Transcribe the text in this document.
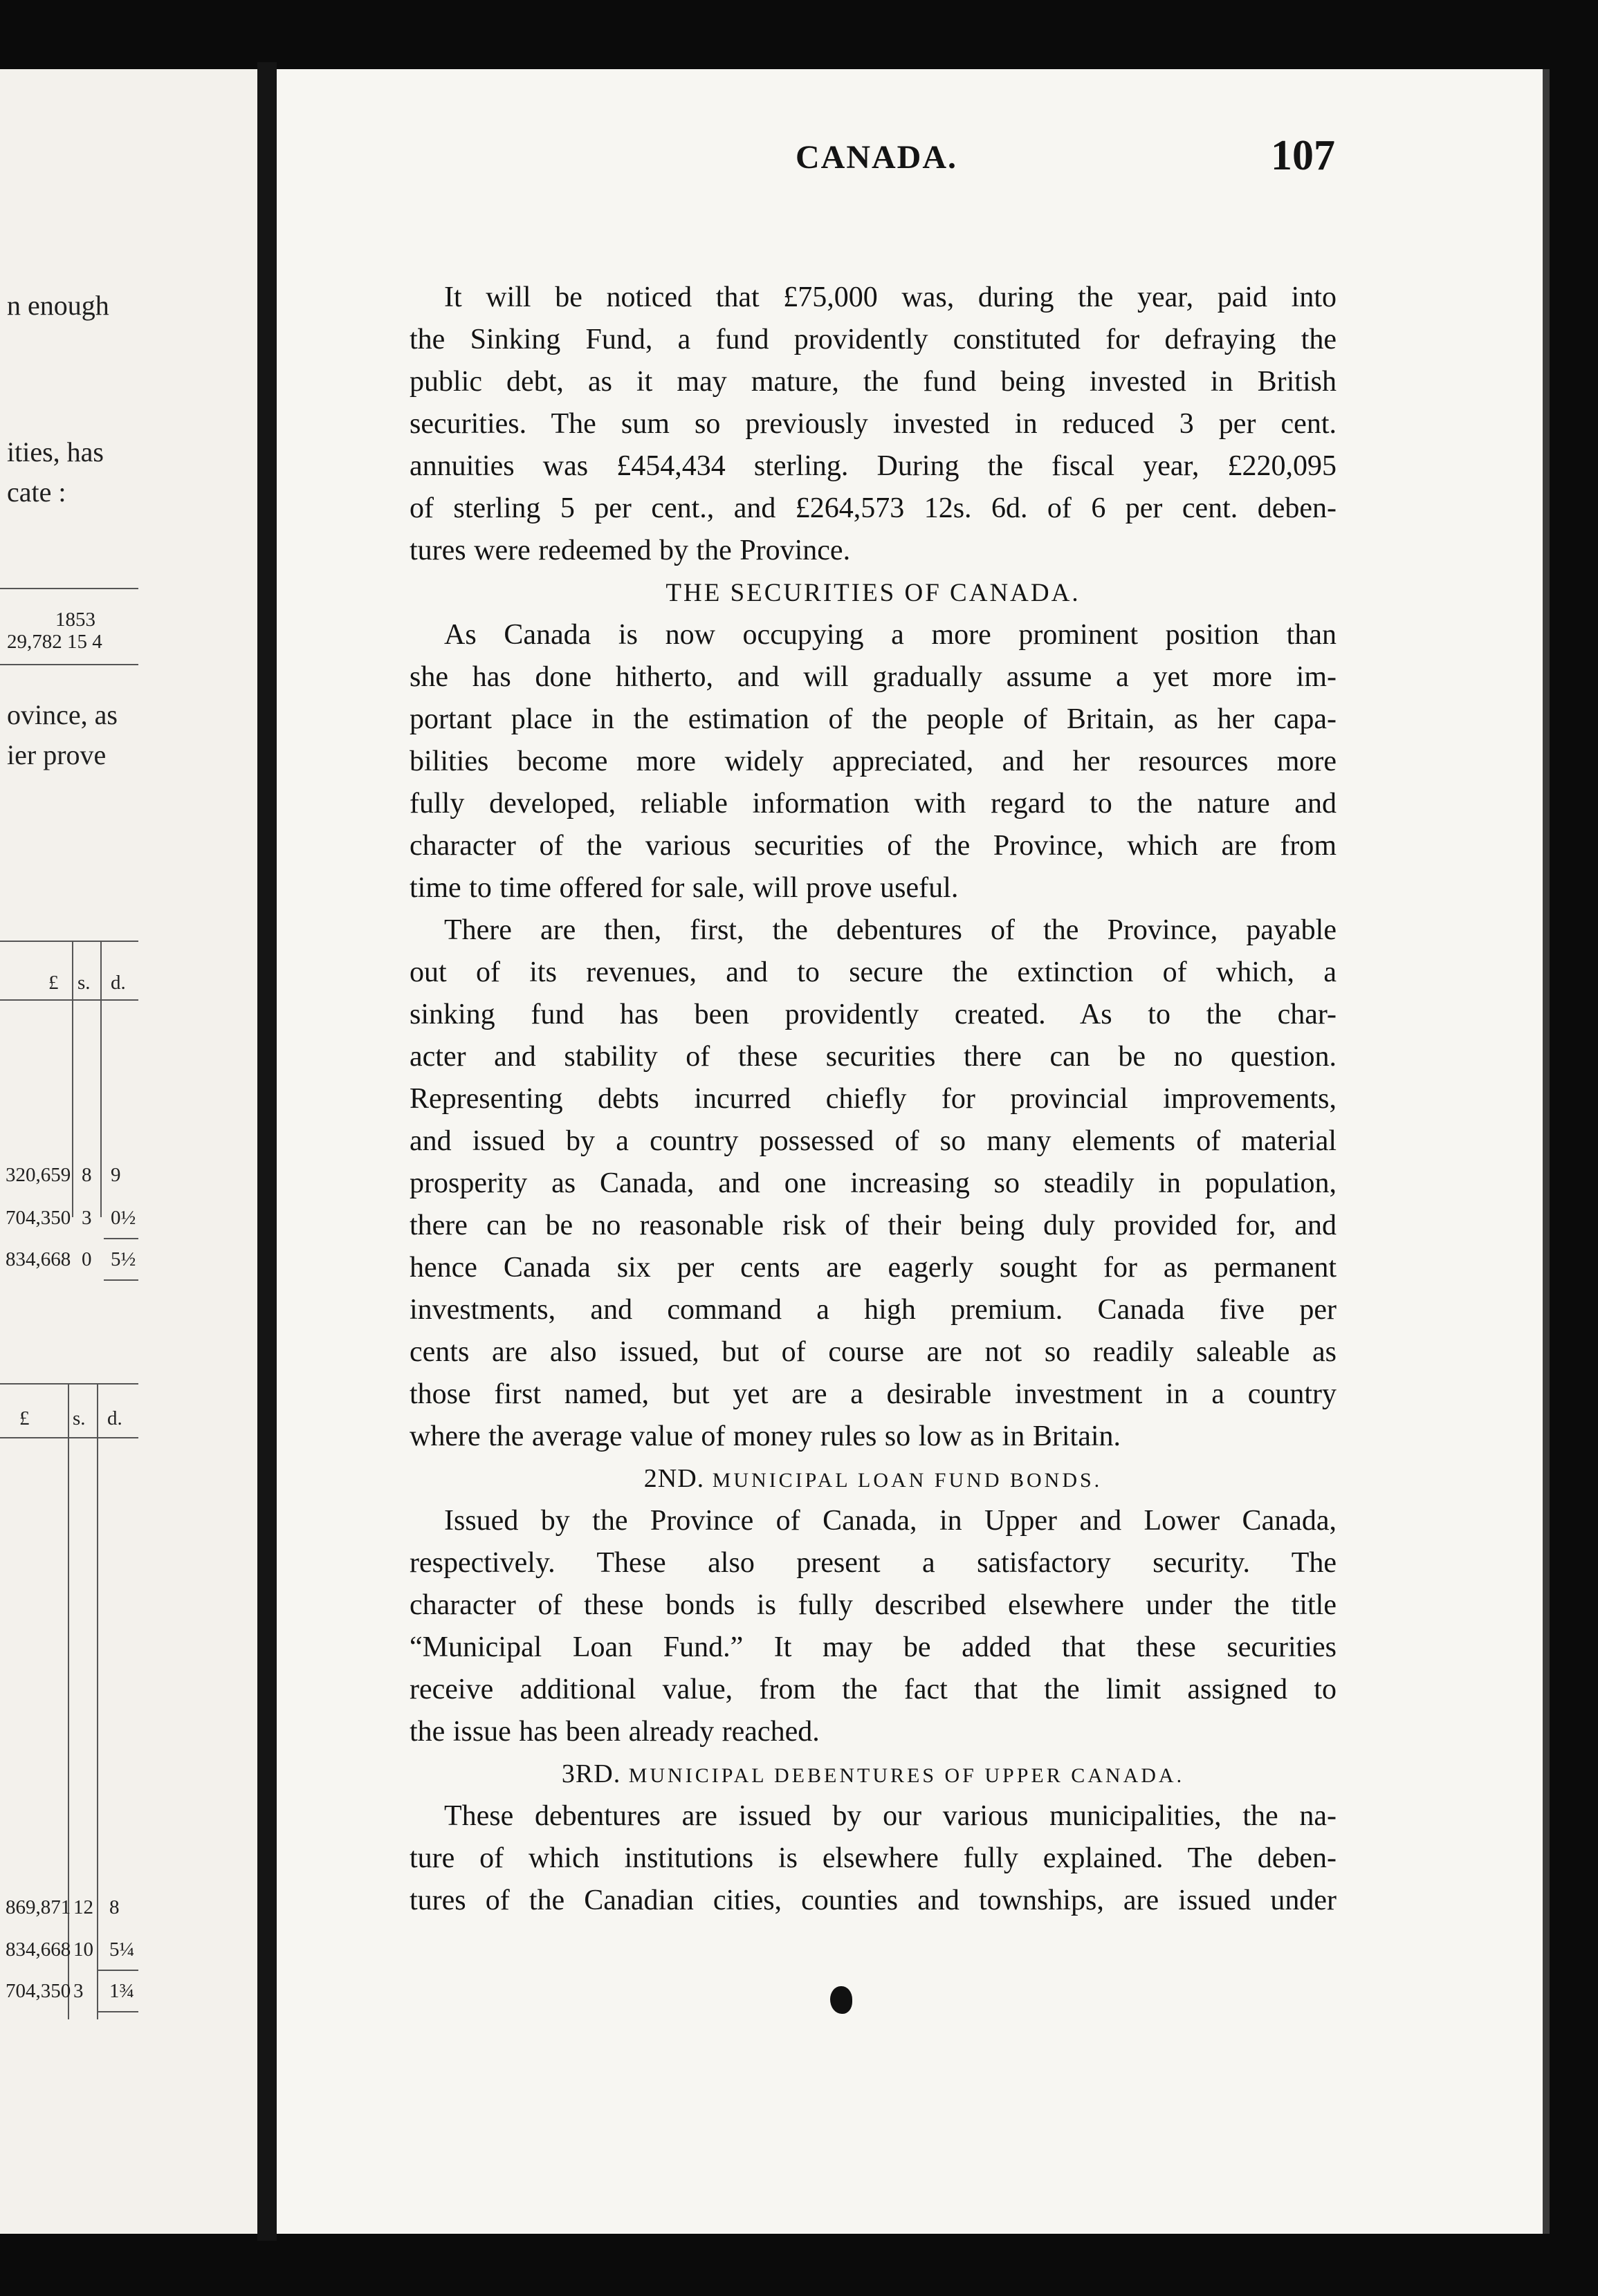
n enough
ities, has
cate :
1853
29,782 15 4
ovince, as
ier prove
£ s. d.
320,659 8 9
704,350 3 0½
834,668 0 5½
£ s. d.
869,871 12 8
834,668 10 5¼
704,350 3 1¾
CANADA.	107
It will be noticed that £75,000 was, during the year, paid into
the Sinking Fund, a fund providently constituted for defraying the
public debt, as it may mature, the fund being invested in British
securities. The sum so previously invested in reduced 3 per cent.
annuities was £454,434 sterling. During the fiscal year, £220,095
of sterling 5 per cent., and £264,573 12s. 6d. of 6 per cent. deben-
tures were redeemed by the Province.
THE SECURITIES OF CANADA.
As Canada is now occupying a more prominent position than
she has done hitherto, and will gradually assume a yet more im-
portant place in the estimation of the people of Britain, as her capa-
bilities become more widely appreciated, and her resources more
fully developed, reliable information with regard to the nature and
character of the various securities of the Province, which are from
time to time offered for sale, will prove useful.
There are then, first, the debentures of the Province, payable
out of its revenues, and to secure the extinction of which, a
sinking fund has been providently created. As to the char-
acter and stability of these securities there can be no question.
Representing debts incurred chiefly for provincial improvements,
and issued by a country possessed of so many elements of material
prosperity as Canada, and one increasing so steadily in population,
there can be no reasonable risk of their being duly provided for, and
hence Canada six per cents are eagerly sought for as permanent
investments, and command a high premium. Canada five per
cents are also issued, but of course are not so readily saleable as
those first named, but yet are a desirable investment in a country
where the average value of money rules so low as in Britain.
2ND. MUNICIPAL LOAN FUND BONDS.
Issued by the Province of Canada, in Upper and Lower Canada,
respectively. These also present a satisfactory security. The
character of these bonds is fully described elsewhere under the title
“Municipal Loan Fund.” It may be added that these securities
receive additional value, from the fact that the limit assigned to
the issue has been already reached.
3RD. MUNICIPAL DEBENTURES OF UPPER CANADA.
These debentures are issued by our various municipalities, the na-
ture of which institutions is elsewhere fully explained. The deben-
tures of the Canadian cities, counties and townships, are issued under
